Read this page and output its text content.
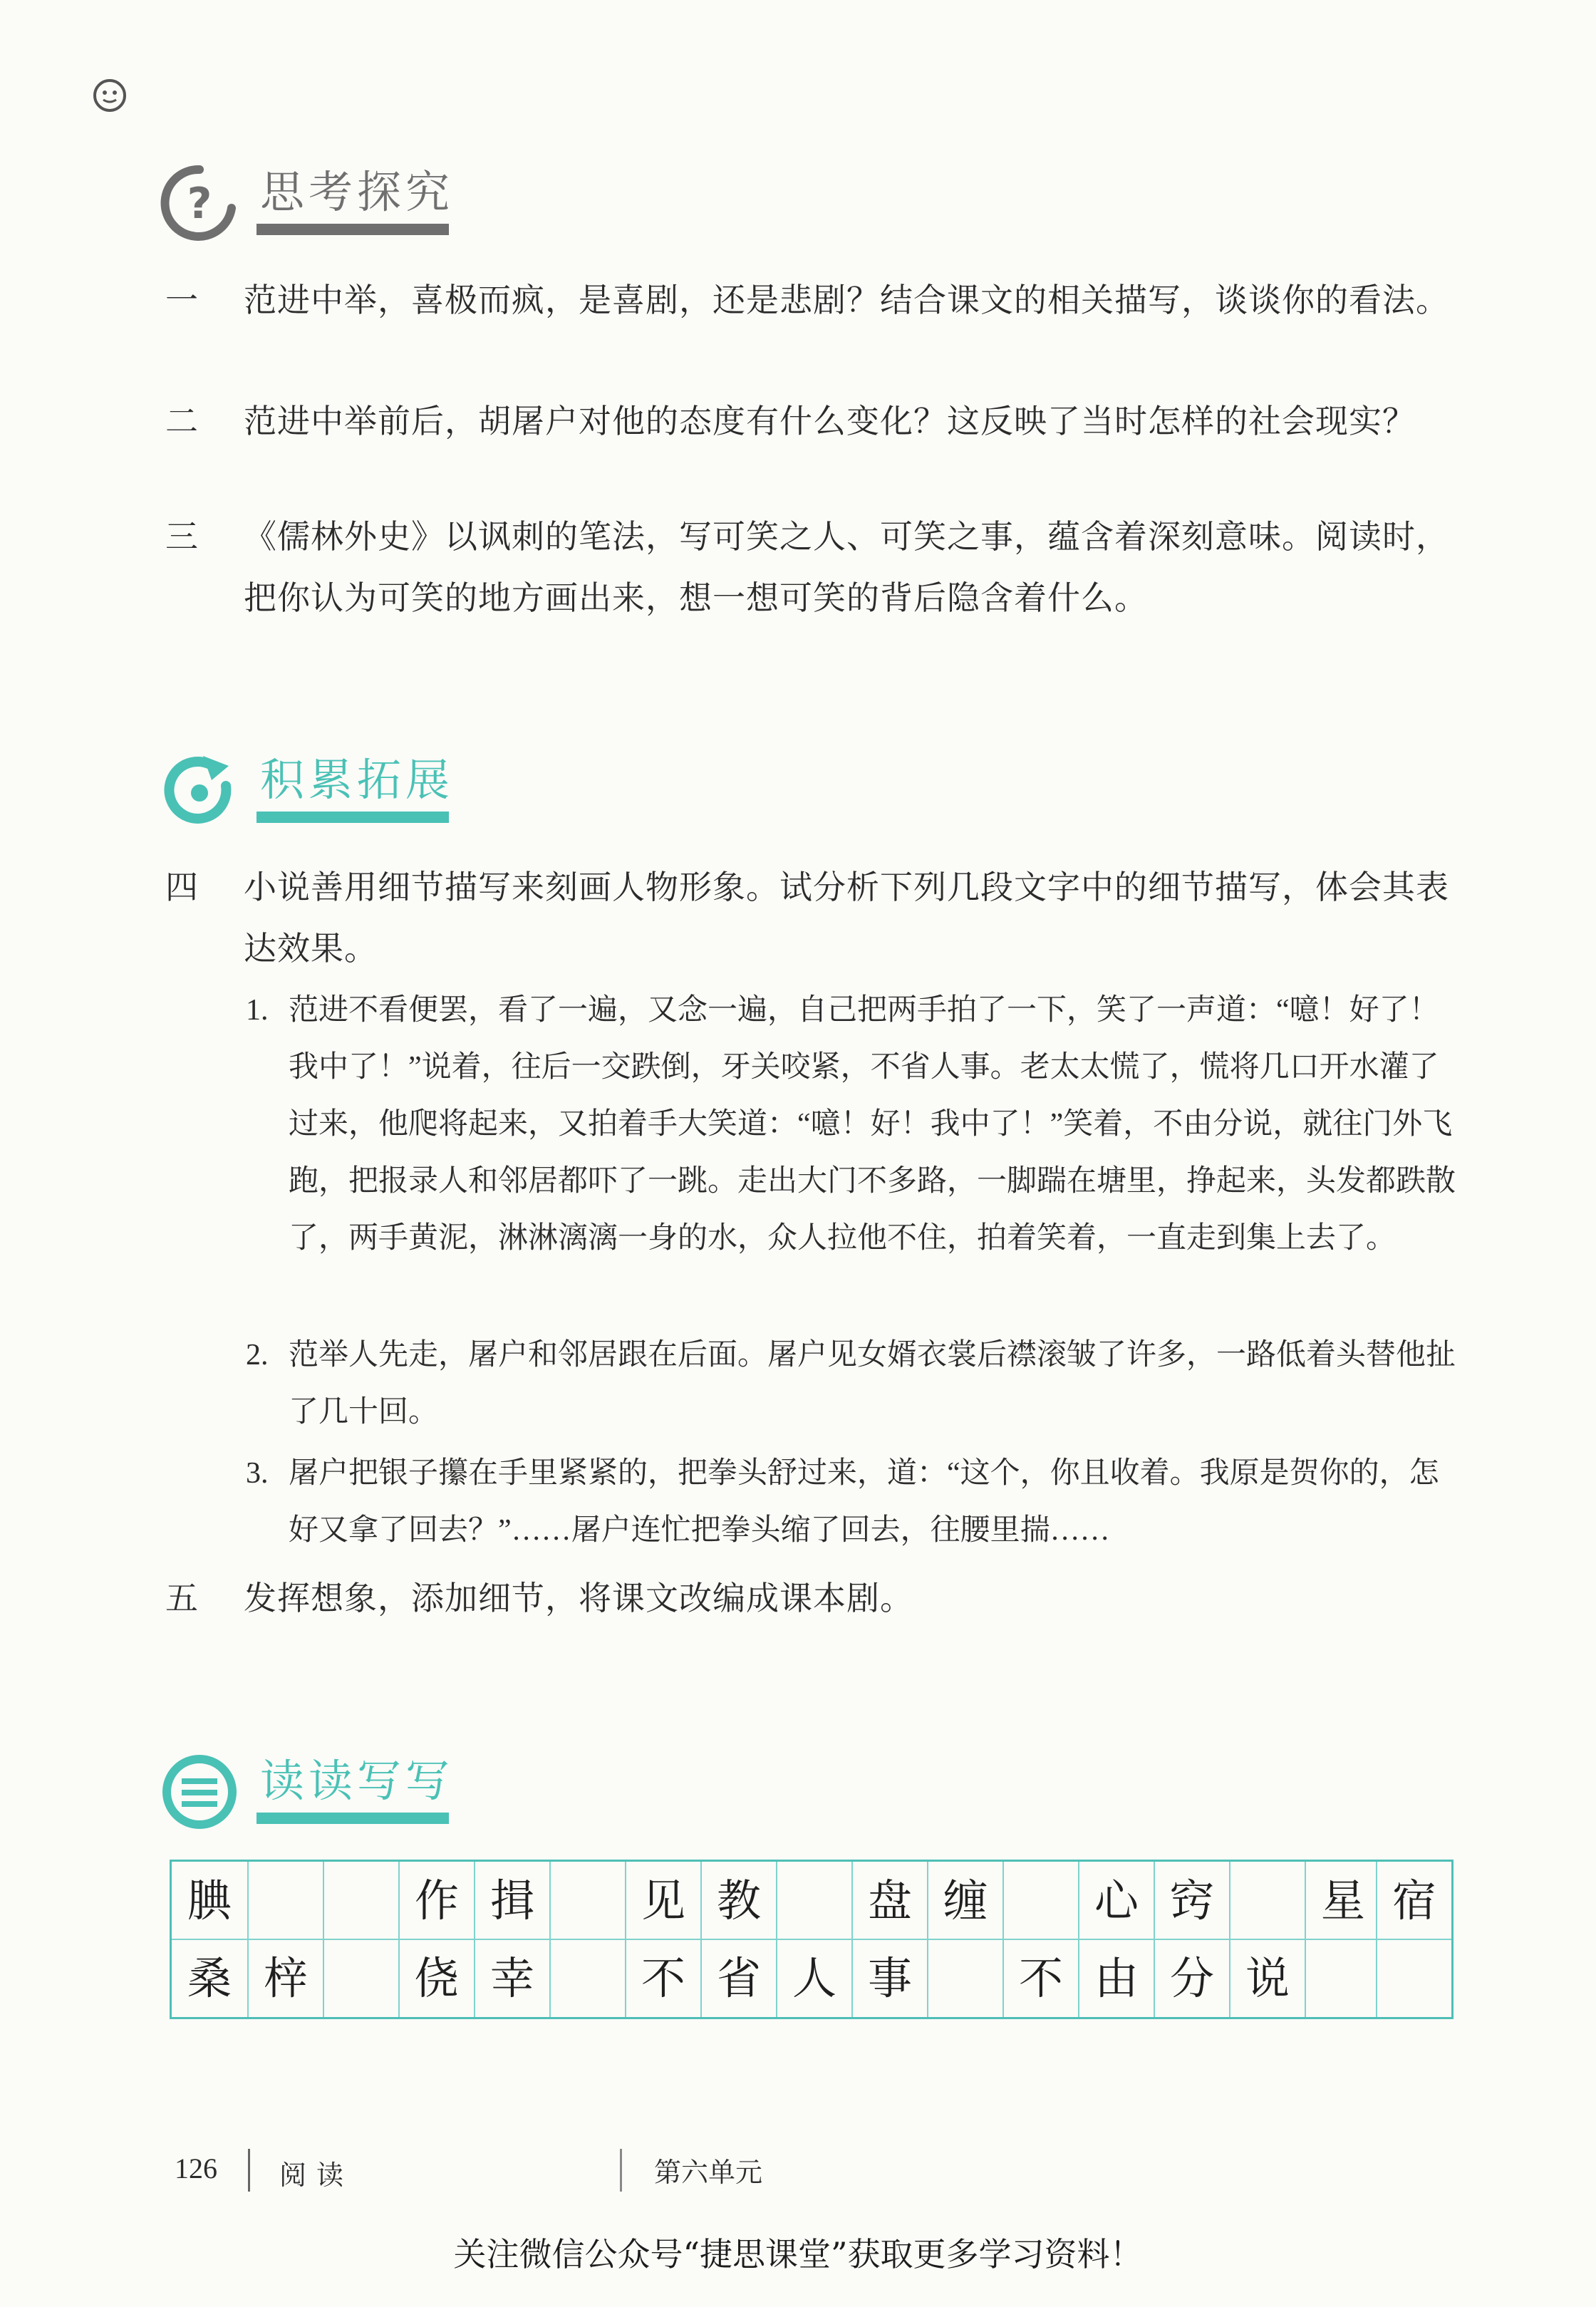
? 思考探究
一 范进中举，喜极而疯，是喜剧，还是悲剧？结合课文的相关描写，谈谈你的看法。
二 范进中举前后，胡屠户对他的态度有什么变化？这反映了当时怎样的社会现实？
三 《儒林外史》以讽刺的笔法，写可笑之人、可笑之事，蕴含着深刻意味。阅读时，把你认为可笑的地方画出来，想一想可笑的背后隐含着什么。
积累拓展
四 小说善用细节描写来刻画人物形象。试分析下列几段文字中的细节描写，体会其表达效果。
1. 范进不看便罢，看了一遍，又念一遍，自己把两手拍了一下，笑了一声道：“噫！好了！我中了！”说着，往后一交跌倒，牙关咬紧，不省人事。老太太慌了，慌将几口开水灌了过来，他爬将起来，又拍着手大笑道：“噫！好！我中了！”笑着，不由分说，就往门外飞跑，把报录人和邻居都吓了一跳。走出大门不多路，一脚踹在塘里，挣起来，头发都跌散了，两手黄泥，淋淋漓漓一身的水，众人拉他不住，拍着笑着，一直走到集上去了。
2. 范举人先走，屠户和邻居跟在后面。屠户见女婿衣裳后襟滚皱了许多，一路低着头替他扯了几十回。
3. 屠户把银子攥在手里紧紧的，把拳头舒过来，道：“这个，你且收着。我原是贺你的，怎好又拿了回去？”……屠户连忙把拳头缩了回去，往腰里揣……
五 发挥想象，添加细节，将课文改编成课本剧。
读读写写
腆	作 揖	见 教	盘 缠	心 窍	星 宿
桑 梓	侥 幸	不 省 人 事	不 由 分 说
126 阅读	第六单元
关注微信公众号“捷思课堂”获取更多学习资料！
